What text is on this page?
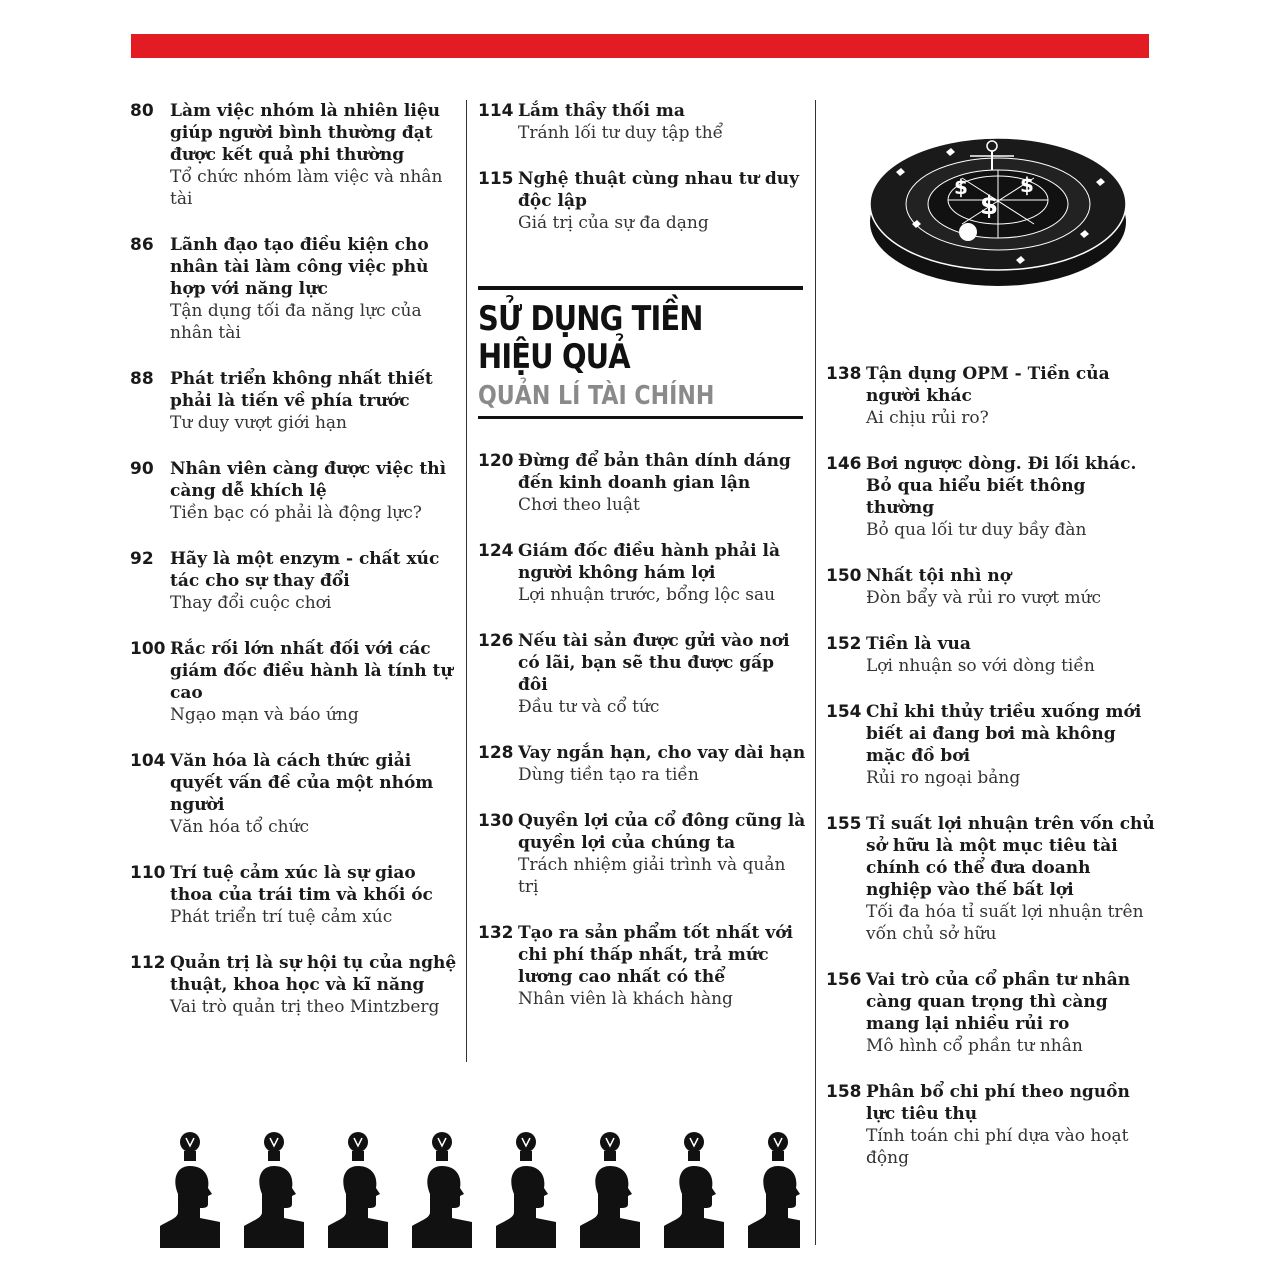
80 Làm việc nhóm là nhiên liệu giúp người bình thường đạt được kết quả phi thường
Tổ chức nhóm làm việc và nhân tài
86 Lãnh đạo tạo điều kiện cho nhân tài làm công việc phù hợp với năng lực
Tận dụng tối đa năng lực của nhân tài
88 Phát triển không nhất thiết phải là tiến về phía trước
Tư duy vượt giới hạn
90 Nhân viên càng được việc thì càng dễ khích lệ
Tiền bạc có phải là động lực?
92 Hãy là một enzym - chất xúc tác cho sự thay đổi
Thay đổi cuộc chơi
100 Rắc rối lớn nhất đối với các giám đốc điều hành là tính tự cao
Ngạo mạn và báo ứng
104 Văn hóa là cách thức giải quyết vấn đề của một nhóm người
Văn hóa tổ chức
110 Trí tuệ cảm xúc là sự giao thoa của trái tim và khối óc
Phát triển trí tuệ cảm xúc
112 Quản trị là sự hội tụ của nghệ thuật, khoa học và kĩ năng
Vai trò quản trị theo Mintzberg
114 Lắm thầy thối ma
Tránh lối tư duy tập thể
115 Nghệ thuật cùng nhau tư duy độc lập
Giá trị của sự đa dạng
SỬ DỤNG TIỀN
HIỆU QUẢ
QUẢN LÍ TÀI CHÍNH
120 Đừng để bản thân dính dáng đến kinh doanh gian lận
Chơi theo luật
124 Giám đốc điều hành phải là người không hám lợi
Lợi nhuận trước, bổng lộc sau
126 Nếu tài sản được gửi vào nơi có lãi, bạn sẽ thu được gấp đôi
Đầu tư và cổ tức
128 Vay ngắn hạn, cho vay dài hạn
Dùng tiền tạo ra tiền
130 Quyền lợi của cổ đông cũng là quyền lợi của chúng ta
Trách nhiệm giải trình và quản trị
132 Tạo ra sản phẩm tốt nhất với chi phí thấp nhất, trả mức lương cao nhất có thể
Nhân viên là khách hàng
$	$
$
138 Tận dụng OPM - Tiền của người khác
Ai chịu rủi ro?
146 Bơi ngược dòng. Đi lối khác. Bỏ qua hiểu biết thông thường
Bỏ qua lối tư duy bầy đàn
150 Nhất tội nhì nợ
Đòn bẩy và rủi ro vượt mức
152 Tiền là vua
Lợi nhuận so với dòng tiền
154 Chỉ khi thủy triều xuống mới biết ai đang bơi mà không mặc đồ bơi
Rủi ro ngoại bảng
155 Tỉ suất lợi nhuận trên vốn chủ sở hữu là một mục tiêu tài chính có thể đưa doanh nghiệp vào thế bất lợi
Tối đa hóa tỉ suất lợi nhuận trên vốn chủ sở hữu
156 Vai trò của cổ phần tư nhân càng quan trọng thì càng mang lại nhiều rủi ro
Mô hình cổ phần tư nhân
158 Phân bổ chi phí theo nguồn lực tiêu thụ
Tính toán chi phí dựa vào hoạt động
